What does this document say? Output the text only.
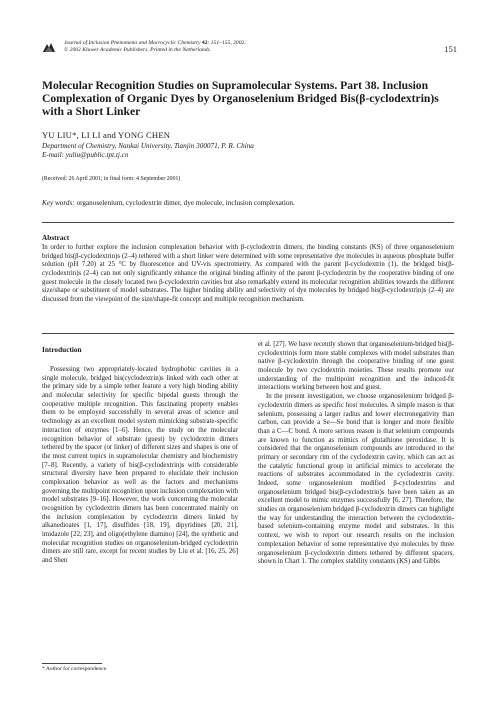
Journal of Inclusion Phenomena and Macrocyclic Chemistry 42: 151–155, 2002.
© 2002 Kluwer Academic Publishers. Printed in the Netherlands.	151
Molecular Recognition Studies on Supramolecular Systems. Part 38. Inclusion Complexation of Organic Dyes by Organoselenium Bridged Bis(β-cyclodextrin)s with a Short Linker
YU LIU*, LI LI and YONG CHEN
Department of Chemistry, Nankai University, Tianjin 300071, P. R. China
E-mail: yuliu@public.tpt.tj.cn
(Received: 26 April 2001; in final form: 4 September 2001)
Key words: organoselenium, cyclodextrin dimer, dye molecule, inclusion complexation.
Abstract
In order to further explore the inclusion complexation behavior with β-cyclodextrin dimers, the binding constants (KS) of three organoselenium bridged bis(β-cyclodextrin)s (2–4) tethered with a short linker were determined with some representative dye molecules in aqueous phosphate buffer solution (pH 7.20) at 25 °C by fluorescence and UV-vis spectrometry. As compared with the parent β-cyclodextrin (1), the bridged bis(β-cyclodextrin)s (2–4) can not only significantly enhance the original binding affinity of the parent β-cyclodextrin by the cooperative binding of one guest molecule in the closely located two β-cyclodextrin cavities but also remarkably extend its molecular recognition abilities towards the different size/shape or substituent of model substrates. The higher binding ability and selectivity of dye molecules by bridged bis(β-cyclodextrin)s (2–4) are discussed from the viewpoint of the size/shape-fit concept and multiple recognition mechanism.
Introduction

Possessing two appropriately-located hydrophobic cavities in a single molecule, bridged bis(cyclodextrin)s linked with each other at the primary side by a simple tether feature a very high binding ability and molecular selectivity for specific bipedal guests through the cooperative multiple recognition. This fascinating property enables them to be employed successfully in several areas of science and technology as an excellent model system mimicking substrate-specific interaction of enzymes [1–6]. Hence, the study on the molecular recognition behavior of substrate (guest) by cyclodextrin dimers tethered by the spacer (or linker) of different sizes and shapes is one of the most current topics in supramolecular chemistry and biochemistry [7–8]. Recently, a variety of bis(β-cyclodextrin)s with considerable structural diversity have been prepared to elucidate their inclusion complexation behavior as well as the factors and mechanisms governing the multipoint recognition upon inclusion complexation with model substrates [9–16]. However, the work concerning the molecular recognition by cyclodextrin dimers has been concentrated mainly on the inclusion complexation by cyclodextrin dimers linked by alkanedioates [1, 17], disulfides [18, 19], dipyridines [20, 21], imidazole [22, 23], and oligo(ethylene diamino) [24], the synthetic and molecular recognition studies on organoselenium-bridged cyclodextrin dimers are still rare, except for recent studies by Liu et al. [16, 25, 26] and Shen

et al. [27]. We have recently shown that organoselenium-bridged bis(β-cyclodextrin)s form more stable complexes with model substrates than native β-cyclodextrin through the cooperative binding of one guest molecule by two cyclodextrin moieties. These results promote our understanding of the multipoint recognition and the induced-fit interactions working between host and guest.

In the present investigation, we choose organoselenium bridged β-cyclodextrin dimers as specific host molecules. A simple reason is that selenium, possessing a larger radius and lower electronegativity than carbon, can provide a Se—Se bond that is longer and more flexible than a C—C bond. A more serious reason is that selenium compounds are known to function as mimics of glutathione peroxidase. It is considered that the organoselenium compounds are introduced to the primary or secondary rim of the cyclodextrin cavity, which can act as the catalytic functional group in artificial mimics to accelerate the reactions of substrates accommodated in the cyclodextrin cavity. Indeed, some organoselenium modified β-cyclodextrins and organoselenium bridged bis(β-cyclodextrin)s have been taken as an excellent model to mimic enzymes successfully [6, 27]. Therefore, the studies on organoselenium bridged β-cyclodextrin dimers can highlight the way for understanding the interaction between the cyclodextrin-based selenium-containing enzyme model and substrates. In this context, we wish to report our research results on the inclusion complexation behavior of some representative dye molecules by three organoselenium β-cyclodextrin dimers tethered by different spacers, shown in Chart 1. The complex stability constants (KS) and Gibbs

* Author for correspondence.
